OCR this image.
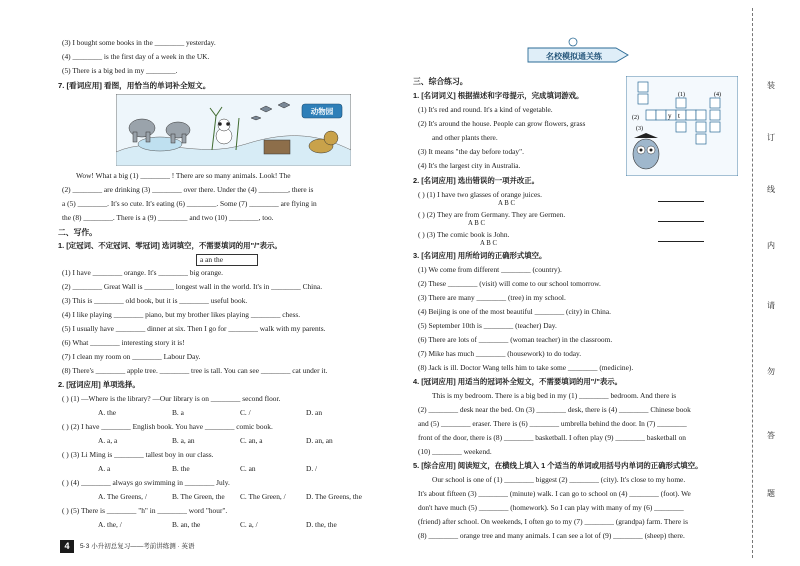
(3) I bought some books in the ________ yesterday.
(4) ________ is the first day of a week in the UK.
(5) There is a big bed in my ________.
7. [看词应用] 看图，用恰当的单词补全短文。
动物园
Wow! What a big (1) ________ ! There are so many animals. Look! The
(2) ________ are drinking (3) ________ over there. Under the (4) ________, there is
a (5) ________. It's so cute. It's eating (6) ________. Some (7) ________ are flying in
the (8) ________. There is a (9) ________ and two (10) ________, too.
二、写作。
1. [定冠词、不定冠词、零冠词] 选词填空，不需要填词的用"/"表示。
a an the
(1) I have ________ orange. It's ________ big orange.
(2) ________ Great Wall is ________ longest wall in the world. It's in ________ China.
(3) This is ________ old book, but it is ________ useful book.
(4) I like playing ________ piano, but my brother likes playing ________ chess.
(5) I usually have ________ dinner at six. Then I go for ________ walk with my parents.
(6) What ________ interesting story it is!
(7) I clean my room on ________ Labour Day.
(8) There's ________ apple tree. ________ tree is tall. You can see ________ cat under it.
2. [冠词应用] 单项选择。
( ) (1) —Where is the library? —Our library is on ________ second floor.
A. the	B. a	C. /	D. an
( ) (2) I have ________ English book. You have ________ comic book.
A. a, a	B. a, an	C. an, a	D. an, an
( ) (3) Li Ming is ________ tallest boy in our class.
A. a	B. the	C. an	D. /
( ) (4) ________ always go swimming in ________ July.
A. The Greens, /	B. The Green, the C. The Green, /	D. The Greens, the
( ) (5) There is ________ "h" in ________ word "hour".
A. the, /	B. an, the	C. a, /	D. the, the
4	5·3 小升初总复习——考前讲练测 · 英语
名校模拟通关练
三、综合练习。
1. [名词词义] 根据描述和字母提示，完成填词游戏。
(1) It's red and round. It's a kind of vegetable.
(2) It's around the house. People can grow flowers, grass
and other plants there.
(3) It means "the day before today".
(4) It's the largest city in Australia.
(1)	(4)
(2)
(3)
t
y
2. [名词应用] 选出错误的一项并改正。
( ) (1) I have two glasses of orange juices.
A B C
( ) (2) They are from Germany. They are Germen.
A B C
( ) (3) The comic book is John.
A B C
3. [名词应用] 用所给词的正确形式填空。
(1) We come from different ________ (country).
(2) These ________ (visit) will come to our school tomorrow.
(3) There are many ________ (tree) in my school.
(4) Beijing is one of the most beautiful ________ (city) in China.
(5) September 10th is ________ (teacher) Day.
(6) There are lots of ________ (woman teacher) in the classroom.
(7) Mike has much ________ (housework) to do today.
(8) Jack is ill. Doctor Wang tells him to take some ________ (medicine).
4. [冠词应用] 用适当的冠词补全短文，不需要填词的用"/"表示。
This is my bedroom. There is a big bed in my (1) ________ bedroom. And there is
(2) ________ desk near the bed. On (3) ________ desk, there is (4) ________ Chinese book
and (5) ________ eraser. There is (6) ________ umbrella behind the door. In (7) ________
front of the door, there is (8) ________ basketball. I often play (9) ________ basketball on
(10) ________ weekend.
5. [综合应用] 阅读短文，在横线上填入 1 个适当的单词或用括号内单词的正确形式填空。
Our school is one of (1) ________ biggest (2) ________ (city). It's close to my home.
It's about fifteen (3) ________ (minute) walk. I can go to school on (4) ________ (foot). We
don't have much (5) ________ (homework). So I can play with many of my (6) ________
(friend) after school. On weekends, I often go to my (7) ________ (grandpa) farm. There is
(8) ________ orange tree and many animals. I can see a lot of (9) ________ (sheep) there.
装
订
线
内
请
勿
答
题
